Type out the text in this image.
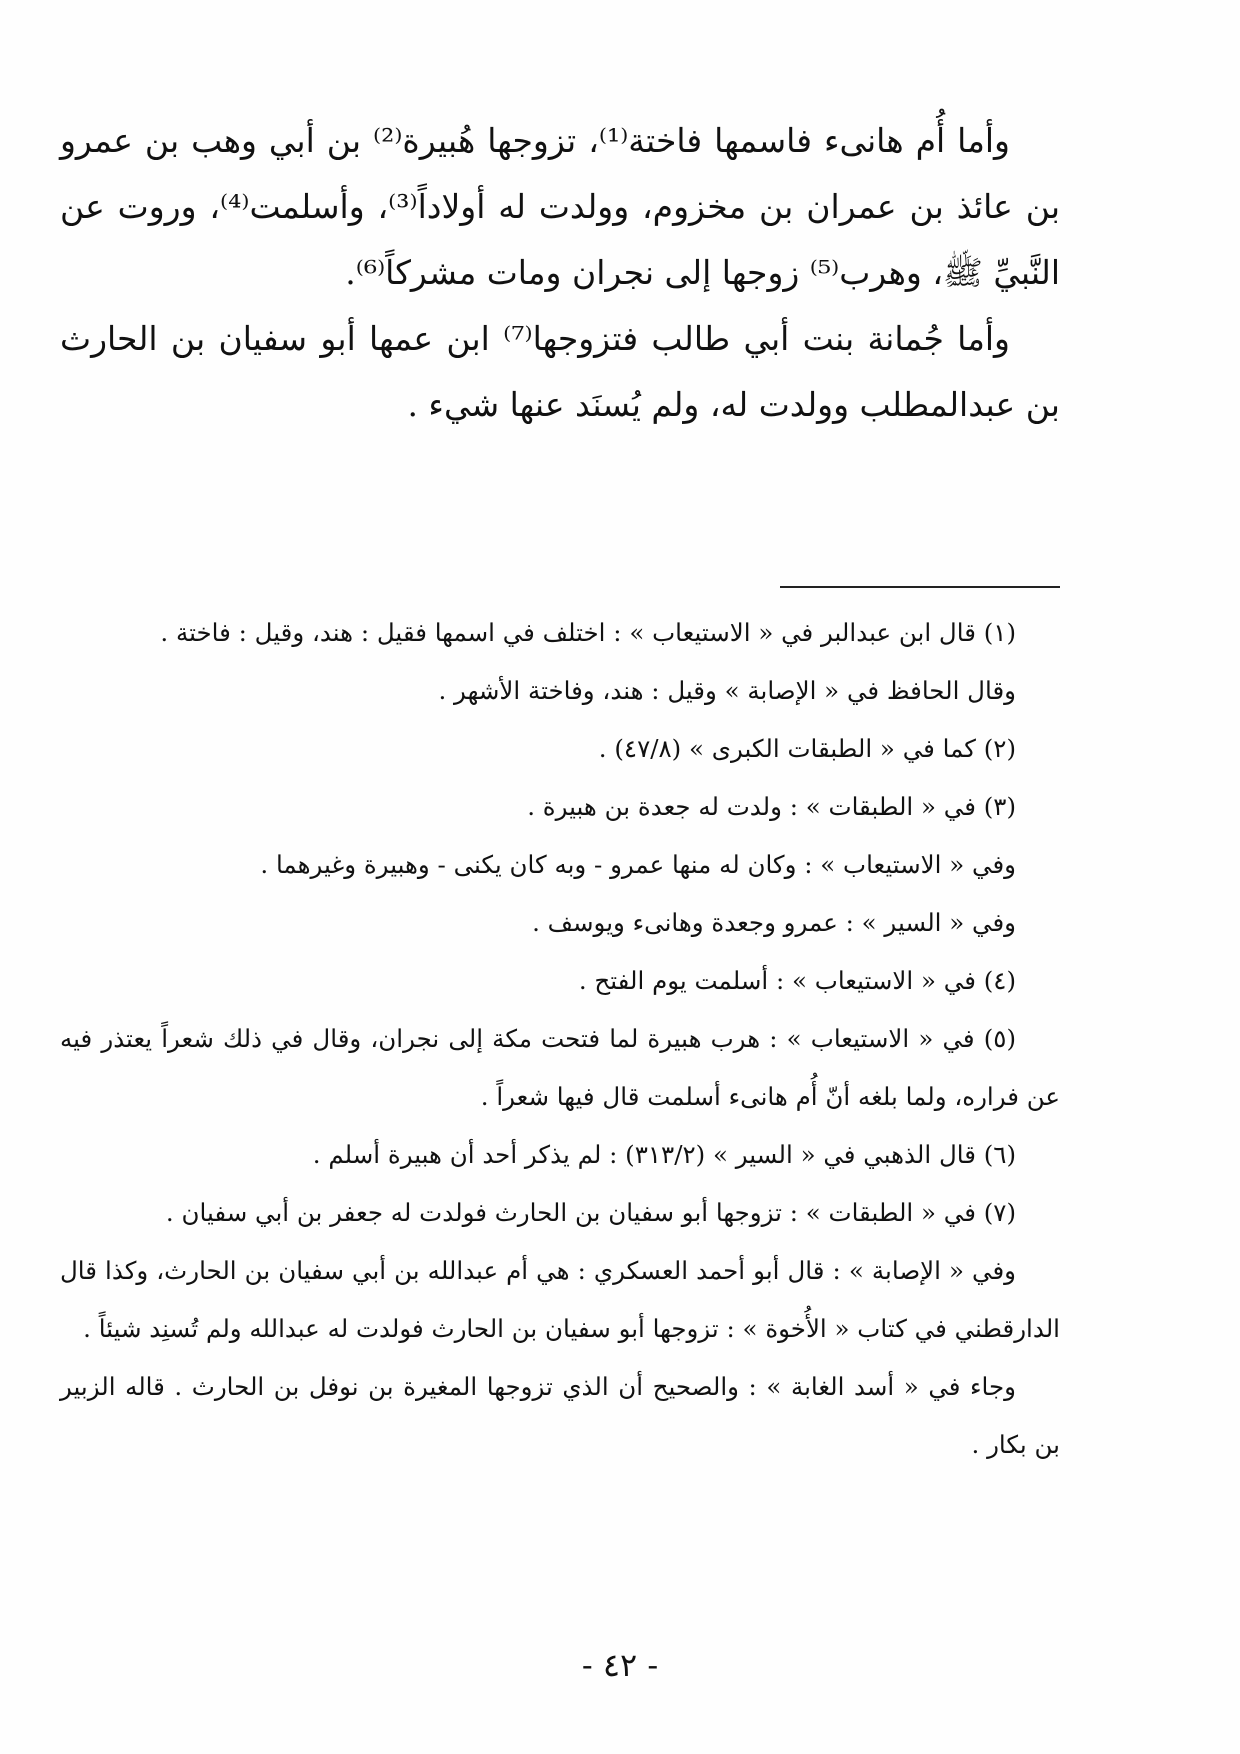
وأما أُم هانىء فاسمها فاختة⁽¹⁾، تزوجها هُبيرة⁽²⁾ بن أبي وهب بن عمرو بن عائذ بن عمران بن مخزوم، وولدت له أولاداً⁽³⁾، وأسلمت⁽⁴⁾، وروت عن النَّبيِّ ﷺ، وهرب⁽⁵⁾ زوجها إلى نجران ومات مشركاً⁽⁶⁾.

وأما جُمانة بنت أبي طالب فتزوجها⁽⁷⁾ ابن عمها أبو سفيان بن الحارث بن عبدالمطلب وولدت له، ولم يُسنَد عنها شيء .

(١) قال ابن عبدالبر في « الاستيعاب » : اختلف في اسمها فقيل : هند، وقيل : فاختة .

وقال الحافظ في « الإصابة » وقيل : هند، وفاختة الأشهر .

(٢) كما في « الطبقات الكبرى » (٤٧/٨) .

(٣) في « الطبقات » : ولدت له جعدة بن هبيرة .

وفي « الاستيعاب » : وكان له منها عمرو - وبه كان يكنى - وهبيرة وغيرهما .

وفي « السير » : عمرو وجعدة وهانىء ويوسف .

(٤) في « الاستيعاب » : أسلمت يوم الفتح .

(٥) في « الاستيعاب » : هرب هبيرة لما فتحت مكة إلى نجران، وقال في ذلك شعراً يعتذر فيه عن فراره، ولما بلغه أنّ أُم هانىء أسلمت قال فيها شعراً .

(٦) قال الذهبي في « السير » (٣١٣/٢) : لم يذكر أحد أن هبيرة أسلم .

(٧) في « الطبقات » : تزوجها أبو سفيان بن الحارث فولدت له جعفر بن أبي سفيان .

وفي « الإصابة » : قال أبو أحمد العسكري : هي أم عبدالله بن أبي سفيان بن الحارث، وكذا قال الدارقطني في كتاب « الأُخوة » : تزوجها أبو سفيان بن الحارث فولدت له عبدالله ولم تُسنِد شيئاً .

وجاء في « أسد الغابة » : والصحيح أن الذي تزوجها المغيرة بن نوفل بن الحارث . قاله الزبير بن بكار .

- ٤٢ -
